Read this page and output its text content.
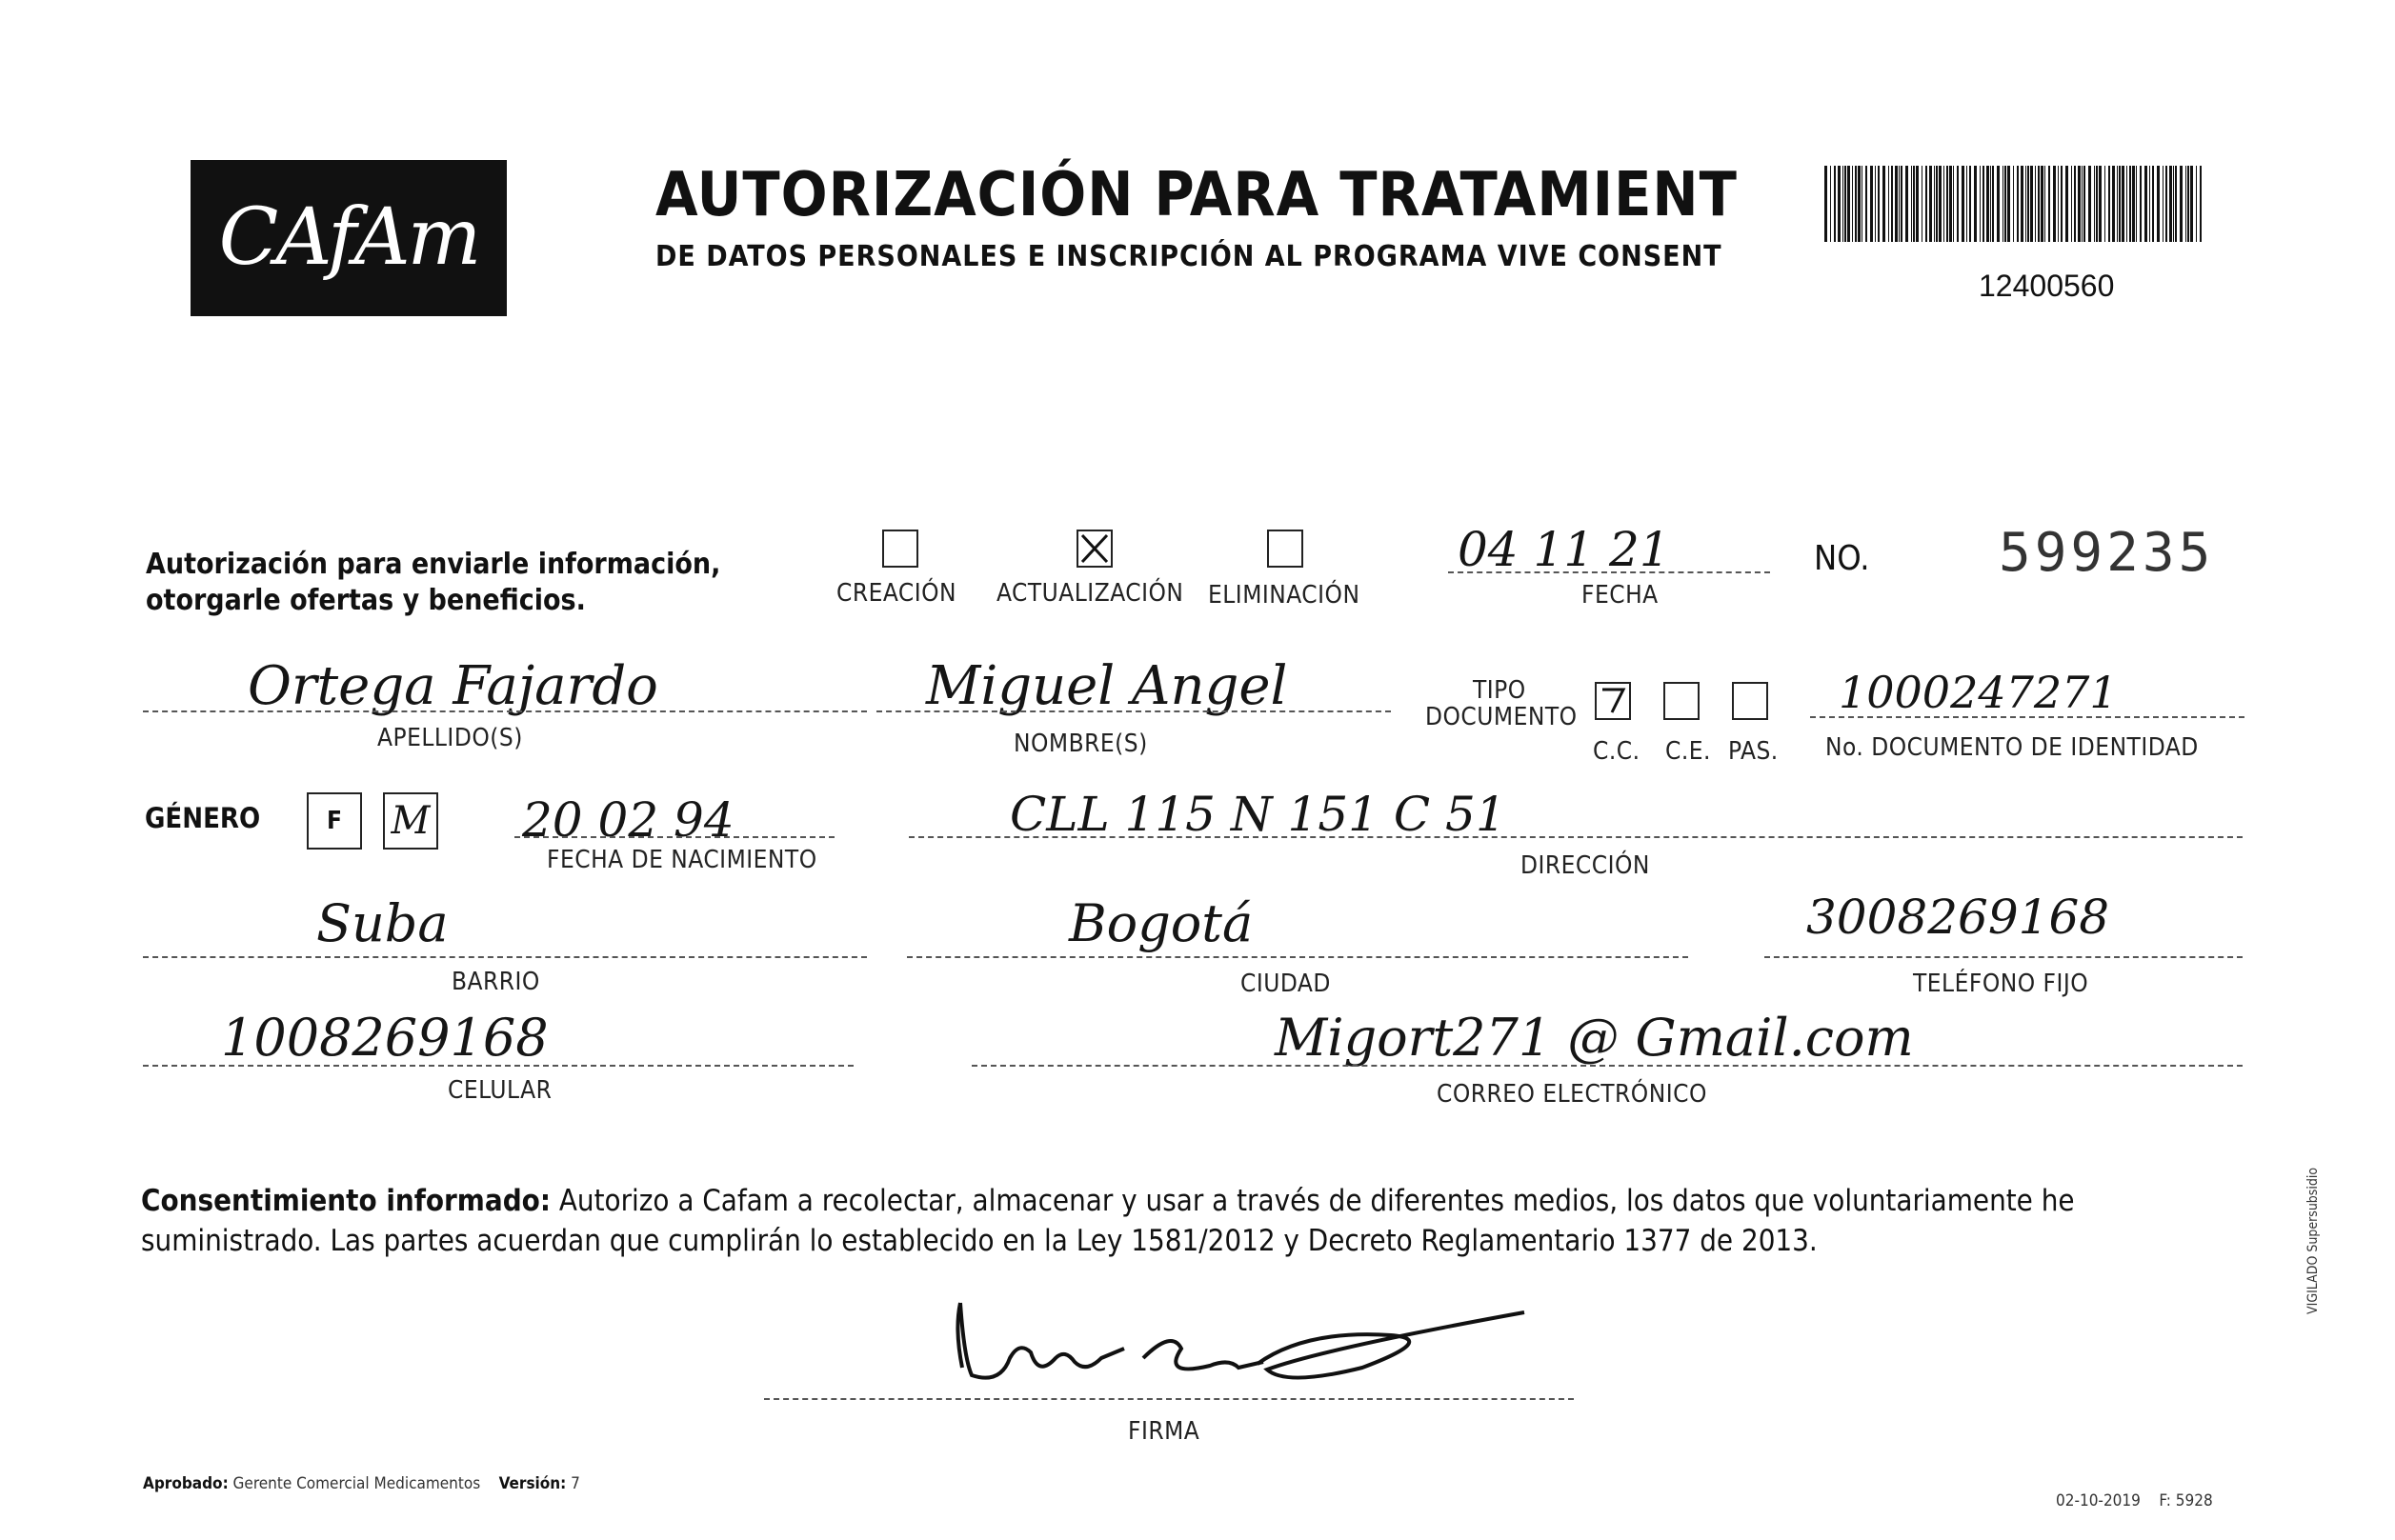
CAfAm	AUTORIZACIÓN PARA TRATAMIENT
DE DATOS PERSONALES E INSCRIPCIÓN AL PROGRAMA VIVE CONSENT
12400560
Autorización para enviarle información, otorgarle ofertas y beneficios.	CREACIÓN ACTUALIZACIÓN ELIMINACIÓN
04 11 21
FECHA
NO. 599235
Ortega Fajardo
APELLIDO(S)
Miguel Angel
NOMBRE(S)
TIPO
DOCUMENTO
C.C. C.E. PAS.
1000247271
No. DOCUMENTO DE IDENTIDAD
GÉNERO	F	M 20 02 94
FECHA DE NACIMIENTO
CLL 115 N 151 C 51
DIRECCIÓN
Suba
BARRIO
Bogotá
CIUDAD
3008269168
TELÉFONO FIJO
1008269168
CELULAR
Migort271 @ Gmail.com
CORREO ELECTRÓNICO
Consentimiento informado: Autorizo a Cafam a recolectar, almacenar y usar a través de diferentes medios, los datos que voluntariamente he suministrado. Las partes acuerdan que cumplirán lo establecido en la Ley 1581/2012 y Decreto Reglamentario 1377 de 2013.
FIRMA
Aprobado: Gerente Comercial Medicamentos Versión: 7
02-10-2019 F: 5928
VIGILADO Supersubsidio
